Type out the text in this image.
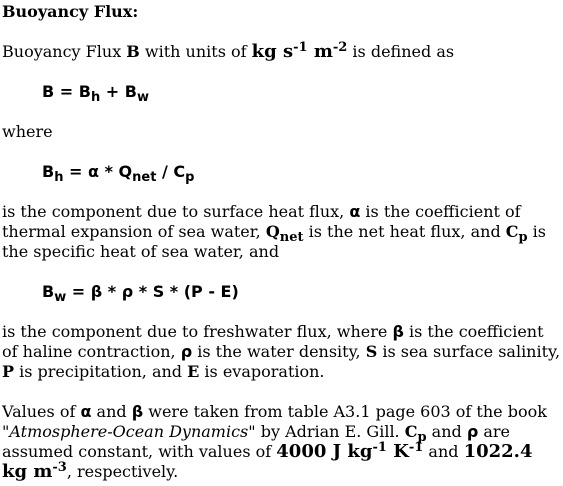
Buoyancy Flux:

Buoyancy Flux B with units of kg $s^{-1}$ $m^{-2}$ is defined as

$B = B_h + B_w$

where

$B_h = \alpha * Q_{net} / C_p$

is the component due to surface heat flux, α is the coefficient of thermal expansion of sea water, $Q_{net}$ is the net heat flux, and $C_p$ is the specific heat of sea water, and

$B_w = \beta * \rho * S * (P - E)$

is the component due to freshwater flux, where β is the coefficient of haline contraction, ρ is the water density, S is sea surface salinity, P is precipitation, and E is evaporation.

Values of α and β were taken from table A3.1 page 603 of the book "Atmosphere-Ocean Dynamics" by Adrian E. Gill. $C_p$ and ρ are assumed constant, with values of 4000 J $kg^{-1}$ $K^{-1}$ and 1022.4 kg $m^{-3}$, respectively.
